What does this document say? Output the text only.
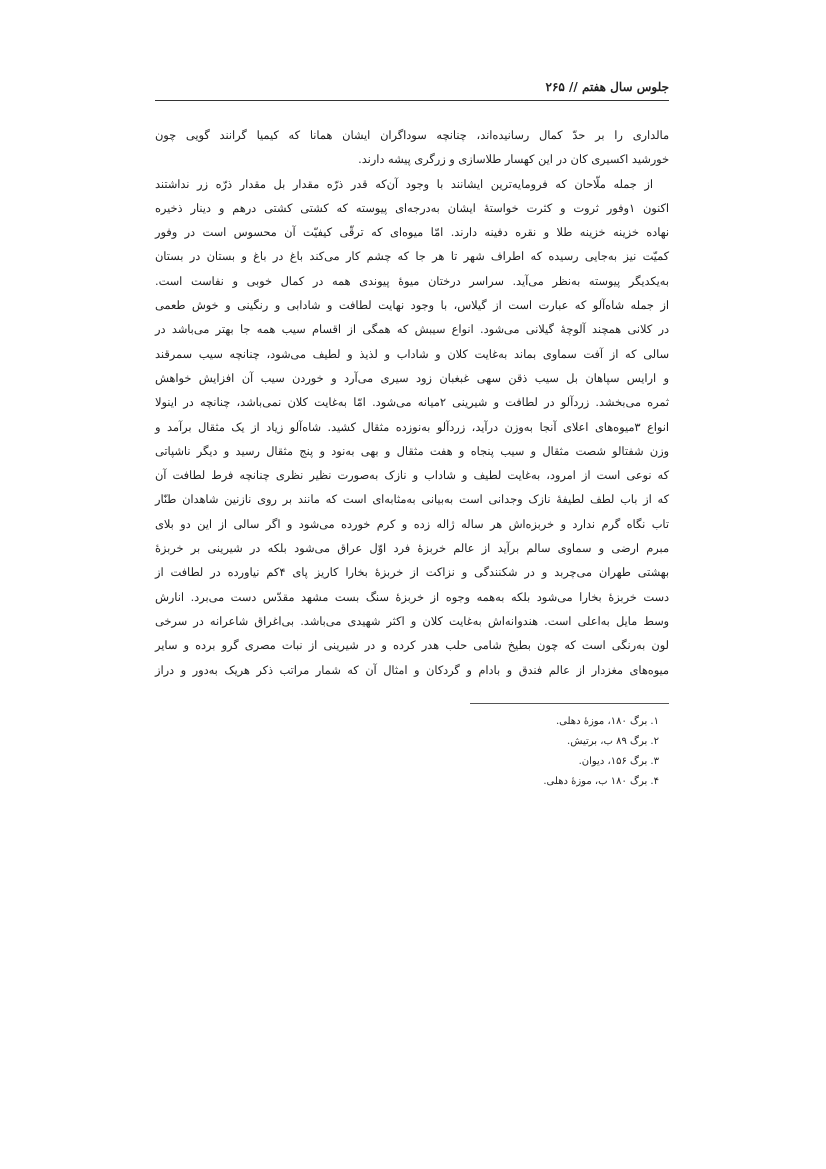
جلوس سال هفتم // ۲۶۵
مالداری را بر حدّ کمال رسانیده‌اند، چنانچه سوداگران ایشان همانا که کیمیا گرانند گویی چون
خورشید اکسیری کان در این کهسار طلاسازی و زرگری پیشه دارند.
از جمله ملّاحان که فرومایه‌ترین ایشانند با وجود آن‌که قدر ذرّه مقدار بل مقدار ذرّه زر نداشتند
اکنون ۱وفور ثروت و کثرت خواستهٔ ایشان به‌درجه‌ای پیوسته که کشتی کشتی درهم و دینار ذخیره
نهاده خزینه خزینه طلا و نقره دفینه دارند. امّا میوه‌ای که ترقّی کیفیّت آن محسوس است در وفور
کمیّت نیز به‌جایی رسیده که اطراف شهر تا هر جا که چشم کار می‌کند باغ در باغ و بستان در بستان
به‌یکدیگر پیوسته به‌نظر می‌آید. سراسر درختان میوهٔ پیوندی همه در کمال خوبی و نفاست است.
از جمله شاه‌آلو که عبارت است از گیلاس، با وجود نهایت لطافت و شادابی و رنگینی و خوش طعمی
در کلانی همچند آلوچهٔ گیلانی می‌شود. انواع سیبش که همگی از اقسام سیب همه جا بهتر می‌باشد در
سالی که از آفت سماوی بماند به‌غایت کلان و شاداب و لذیذ و لطیف می‌شود، چنانچه سیب سمرقند
و ارایس سپاهان بل سیب ذقن سهی غبغبان زود سیری می‌آرد و خوردن سیب آن افزایش خواهش
ثمره می‌بخشد. زردآلو در لطافت و شیرینی ۲میانه می‌شود. امّا به‌غایت کلان نمی‌باشد، چنانچه در اینولا
انواع ۳میوه‌های اعلای آنجا به‌وزن درآید، زردآلو به‌نوزده مثقال کشید. شاه‌آلو زیاد از یک مثقال برآمد و
وزن شفتالو شصت مثقال و سیب پنجاه و هفت مثقال و بهی به‌نود و پنج مثقال رسید و دیگر ناشپاتی
که نوعی است از امرود، به‌غایت لطیف و شاداب و نازک به‌صورت نظیر نظری چنانچه فرط لطافت آن
که از باب لطف لطیفهٔ نازک وجدانی است به‌بیانی به‌مثابه‌ای است که مانند بر روی نازنین شاهدان طنّار
تاب نگاه گرم ندارد و خربزه‌اش هر ساله ژاله زده و کرم خورده می‌شود و اگر سالی از این دو بلای
مبرم ارضی و سماوی سالم برآید از عالم خربزهٔ فرد اوّل عراق می‌شود بلکه در شیرینی بر خربزهٔ
بهشتی طهران می‌چربد و در شکنندگی و نزاکت از خربزهٔ بخارا کاریز پای ۴کم نیاورده در لطافت از
دست خربزهٔ بخارا می‌شود بلکه به‌همه وجوه از خربزهٔ سنگ بست مشهد مقدّس دست می‌برد. انارش
وسط مایل به‌اعلی است. هندوانه‌اش به‌غایت کلان و اکثر شهیدی می‌باشد. بی‌اغراق شاعرانه در سرخی
لون به‌رنگی است که چون بطیخ شامی حلب هدر کرده و در شیرینی از نبات مصری گرو برده و سایر
میوه‌های مغزدار از عالم فندق و بادام و گردکان و امثال آن که شمار مراتب ذکر هریک به‌دور و دراز
۱. برگ ۱۸۰، موزهٔ دهلی.
۲. برگ ۸۹ ب، برتیش.
۳. برگ ۱۵۶، دیوان.
۴. برگ ۱۸۰ ب، موزهٔ دهلی.
